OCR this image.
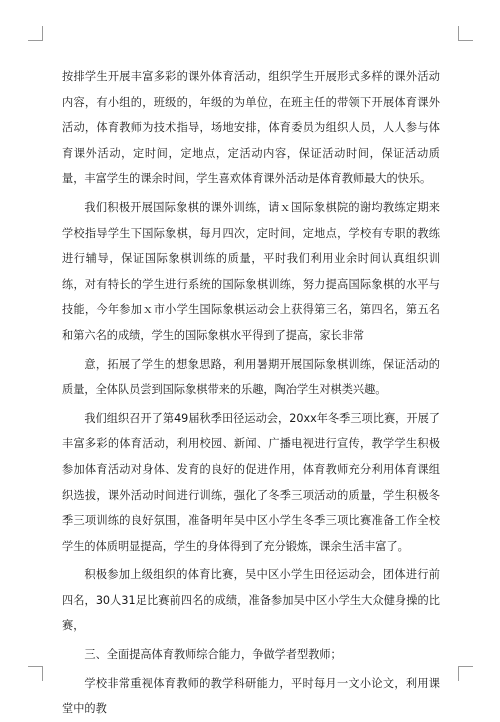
按排学生开展丰富多彩的课外体育活动，组织学生开展形式多样的课外活动内容，有小组的，班级的，年级的为单位，在班主任的带领下开展体育课外活动，体育教师为技术指导，场地安排，体育委员为组织人员，人人参与体育课外活动，定时间，定地点，定活动内容，保证活动时间，保证活动质量，丰富学生的课余时间，学生喜欢体育课外活动是体育教师最大的快乐。

我们积极开展国际象棋的课外训练，请ｘ国际象棋院的谢均教练定期来学校指导学生下国际象棋，每月四次，定时间，定地点，学校有专职的教练进行辅导，保证国际象棋训练的质量，平时我们利用业余时间认真组织训练，对有特长的学生进行系统的国际象棋训练，努力提高国际象棋的水平与技能，今年参加ｘ市小学生国际象棋运动会上获得第三名，第四名，第五名和第六名的成绩，学生的国际象棋水平得到了提高，家长非常

意，拓展了学生的想象思路，利用暑期开展国际象棋训练，保证活动的质量，全体队员尝到国际象棋带来的乐趣，陶冶学生对棋类兴趣。

我们组织召开了第49届秋季田径运动会，20xx年冬季三项比赛，开展了丰富多彩的体育活动，利用校园、新闻、广播电视进行宣传，教学学生积极参加体育活动对身体、发育的良好的促进作用，体育教师充分利用体育课组织选拔，课外活动时间进行训练，强化了冬季三项活动的质量，学生积极冬季三项训练的良好氛围，准备明年吴中区小学生冬季三项比赛准备工作全校学生的体质明显提高，学生的身体得到了充分锻炼，课余生活丰富了。

积极参加上级组织的体育比赛，吴中区小学生田径运动会，团体进行前四名，30人31足比赛前四名的成绩，准备参加吴中区小学生大众健身操的比赛，

三、全面提高体育教师综合能力，争做学者型教师；

学校非常重视体育教师的教学科研能力，平时每月一文小论文，利用课堂中的教
